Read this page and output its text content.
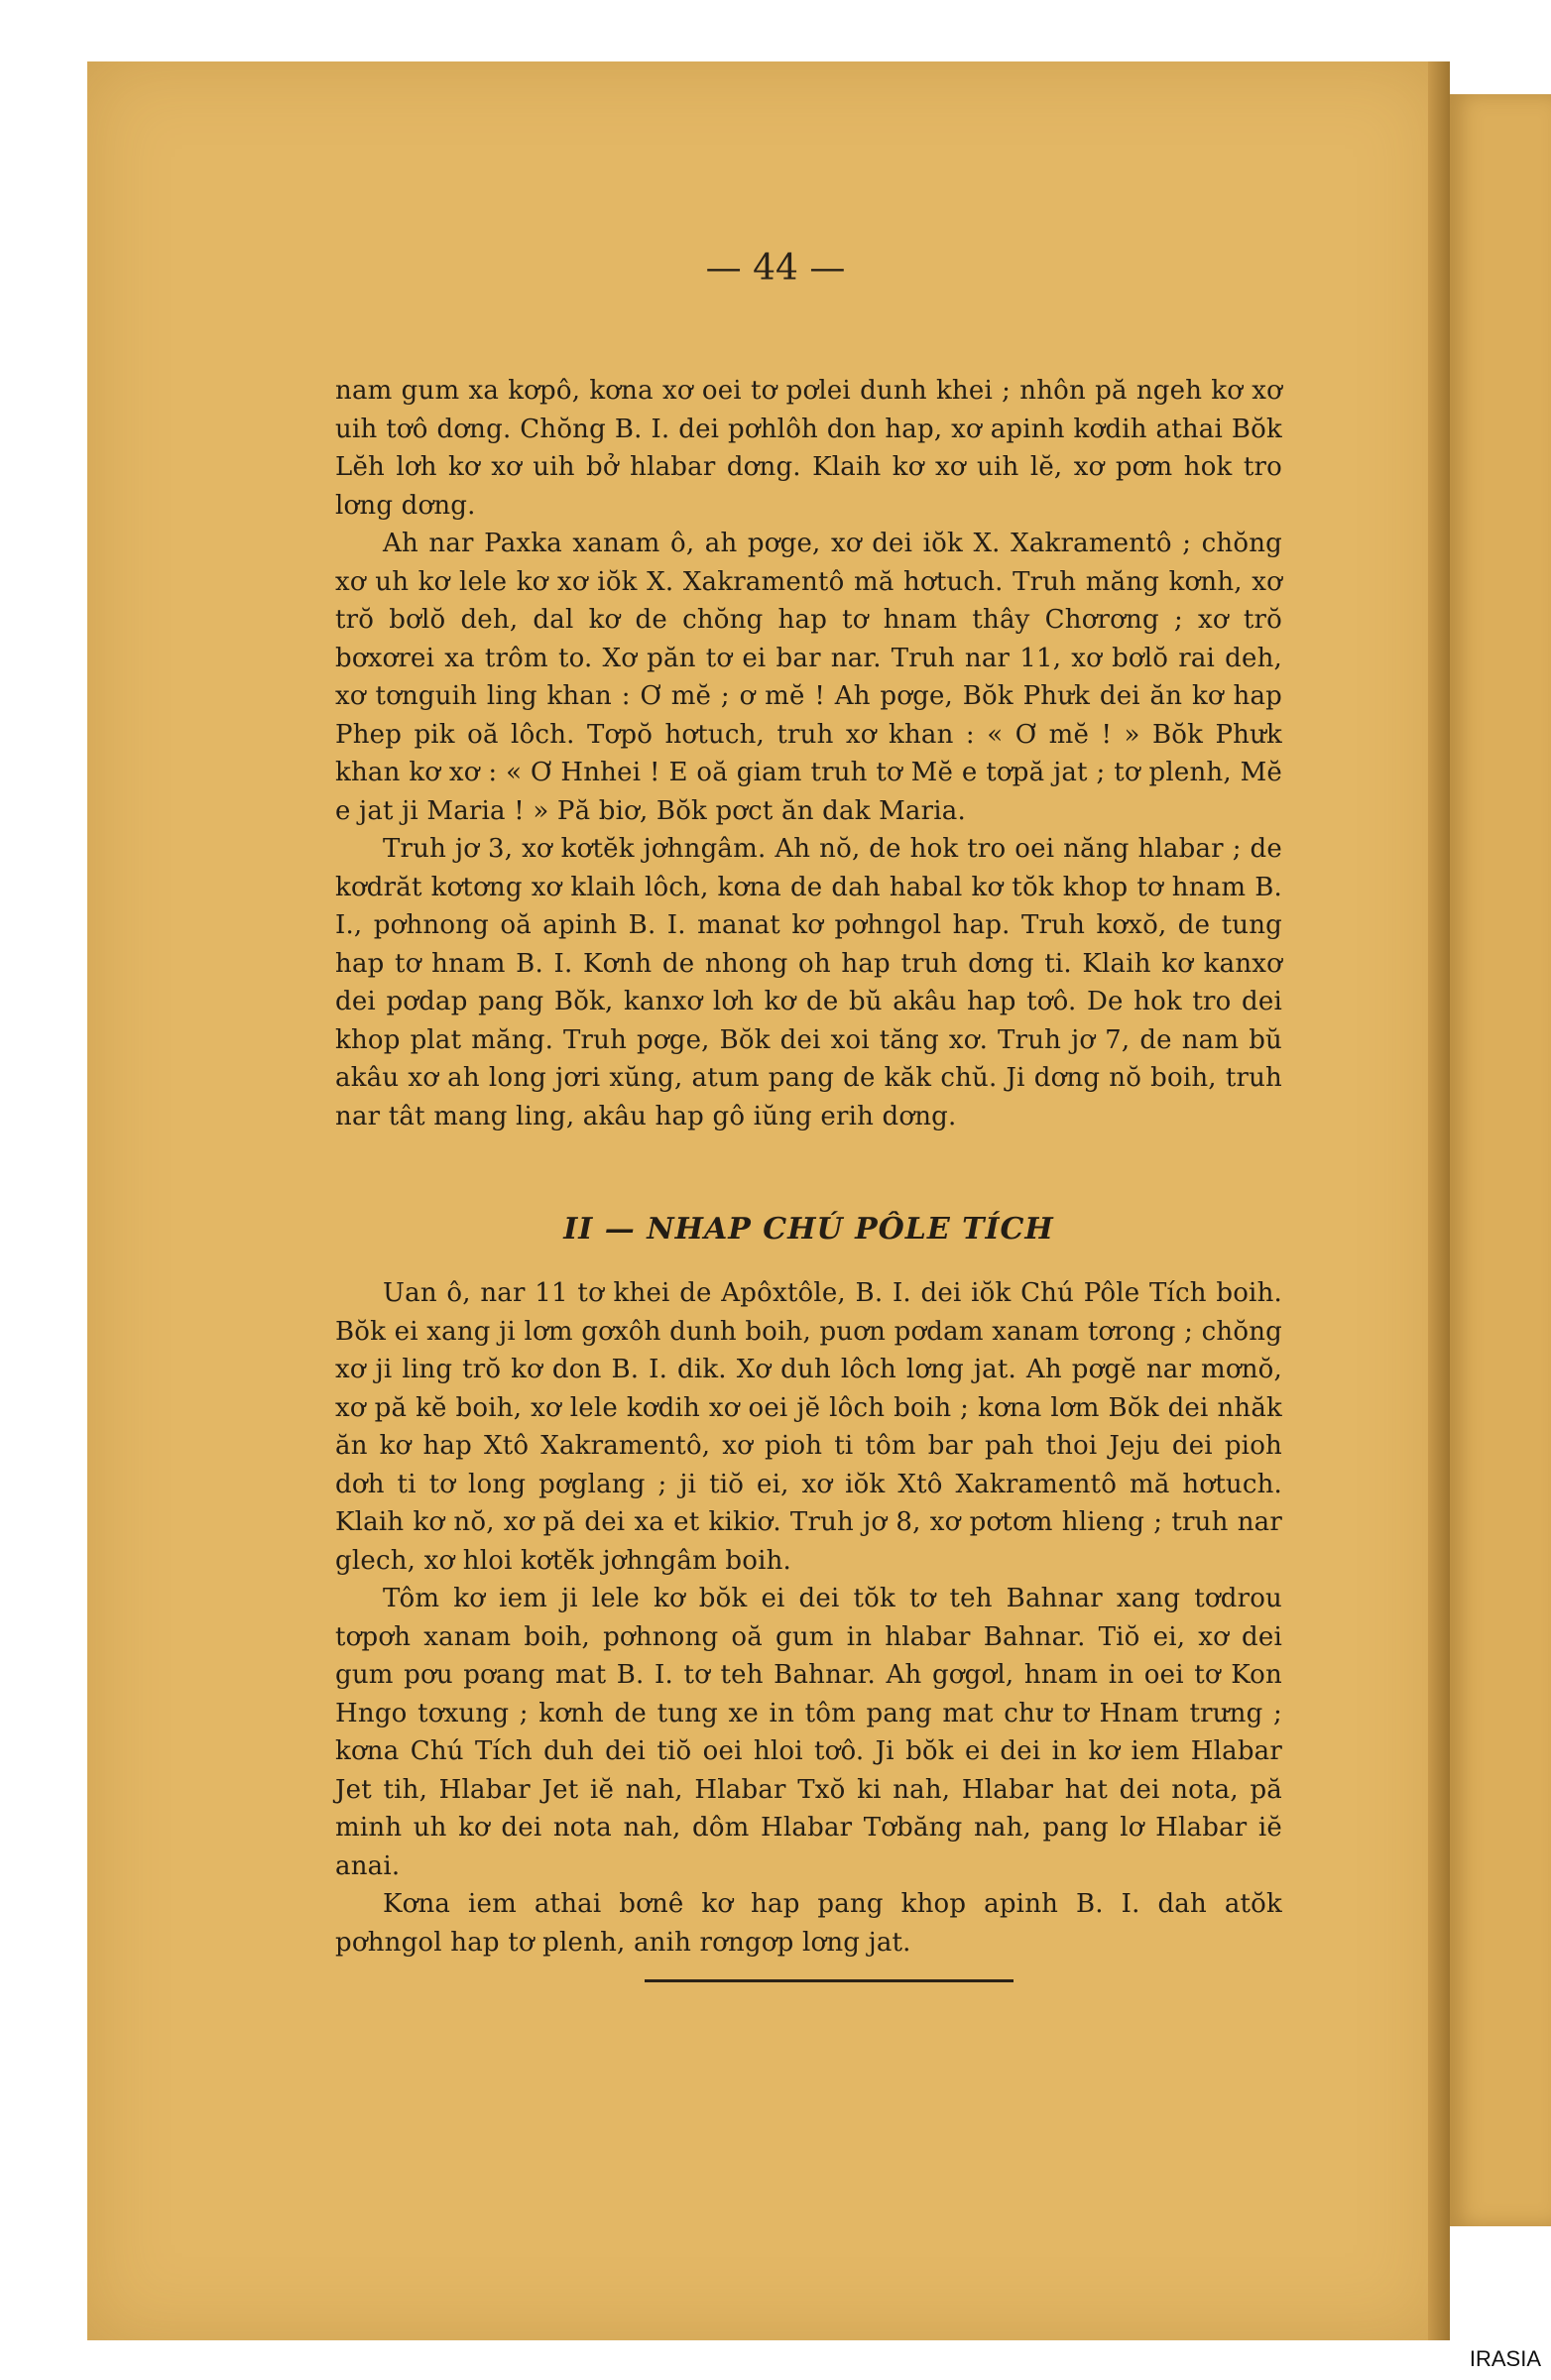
— 44 —

nam gum xa kơpô, kơna xơ oei tơ pơlei dunh khei ; nhôn pă ngeh kơ xơ uih tơô dơng. Chŏng B. I. dei pơhlôh don hap, xơ apinh kơdih athai Bŏk Lĕh lơh kơ xơ uih bở hlabar dơng. Klaih kơ xơ uih lĕ, xơ pơm hok tro lơng dơng.

Ah nar Paxka xanam ô, ah pơge, xơ dei iŏk X. Xakramentô ; chŏng xơ uh kơ lele kơ xơ iŏk X. Xakramentô mă hơtuch. Truh măng kơnh, xơ trŏ bơlŏ deh, dal kơ de chŏng hap tơ hnam thây Chơrơng ; xơ trŏ bơxơrei xa trôm to. Xơ păn tơ ei bar nar. Truh nar 11, xơ bơlŏ rai deh, xơ tơnguih ling khan : Ơ mĕ ; ơ mĕ ! Ah pơge, Bŏk Phưk dei ăn kơ hap Phep pik oă lôch. Tơpŏ hơtuch, truh xơ khan : « Ơ mĕ ! » Bŏk Phưk khan kơ xơ : « Ơ Hnhei ! E oă giam truh tơ Mĕ e tơpă jat ; tơ plenh, Mĕ e jat ji Maria ! » Pă biơ, Bŏk pơct ăn dak Maria.

Truh jơ 3, xơ kơtĕk jơhngâm. Ah nŏ, de hok tro oei năng hlabar ; de kơdrăt kơtơng xơ klaih lôch, kơna de dah habal kơ tŏk khop tơ hnam B. I., pơhnong oă apinh B. I. manat kơ pơhngol hap. Truh kơxŏ, de tung hap tơ hnam B. I. Kơnh de nhong oh hap truh dơng ti. Klaih kơ kanxơ dei pơdap pang Bŏk, kanxơ lơh kơ de bŭ akâu hap tơô. De hok tro dei khop plat măng. Truh pơge, Bŏk dei xoi tăng xơ. Truh jơ 7, de nam bŭ akâu xơ ah long jơri xŭng, atum pang de kăk chŭ. Ji dơng nŏ boih, truh nar tât mang ling, akâu hap gô iŭng erih dơng.

II — NHAP CHÚ PÔLE TÍCH

Uan ô, nar 11 tơ khei de Apôxtôle, B. I. dei iŏk Chú Pôle Tích boih. Bŏk ei xang ji lơm gơxôh dunh boih, puơn pơdam xanam tơrong ; chŏng xơ ji ling trŏ kơ don B. I. dik. Xơ duh lôch lơng jat. Ah pơgĕ nar mơnŏ, xơ pă kĕ boih, xơ lele kơdih xơ oei jĕ lôch boih ; kơna lơm Bŏk dei nhăk ăn kơ hap Xtô Xakramentô, xơ pioh ti tôm bar pah thoi Jeju dei pioh dơh ti tơ long pơglang ; ji tiŏ ei, xơ iŏk Xtô Xakramentô mă hơtuch. Klaih kơ nŏ, xơ pă dei xa et kikiơ. Truh jơ 8, xơ pơtơm hlieng ; truh nar glech, xơ hloi kơtĕk jơhngâm boih.

Tôm kơ iem ji lele kơ bŏk ei dei tŏk tơ teh Bahnar xang tơdrou tơpơh xanam boih, pơhnong oă gum in hlabar Bahnar. Tiŏ ei, xơ dei gum pơu pơang mat B. I. tơ teh Bahnar. Ah gơgơl, hnam in oei tơ Kon Hngo tơxung ; kơnh de tung xe in tôm pang mat chư tơ Hnam trưng ; kơna Chú Tích duh dei tiŏ oei hloi tơô. Ji bŏk ei dei in kơ iem Hlabar Jet tih, Hlabar Jet iĕ nah, Hlabar Txŏ ki nah, Hlabar hat dei nota, pă minh uh kơ dei nota nah, dôm Hlabar Tơbăng nah, pang lơ Hlabar iĕ anai.

Kơna iem athai bơnê kơ hap pang khop apinh B. I. dah atŏk pơhngol hap tơ plenh, anih rơngơp lơng jat.

IRASIA
